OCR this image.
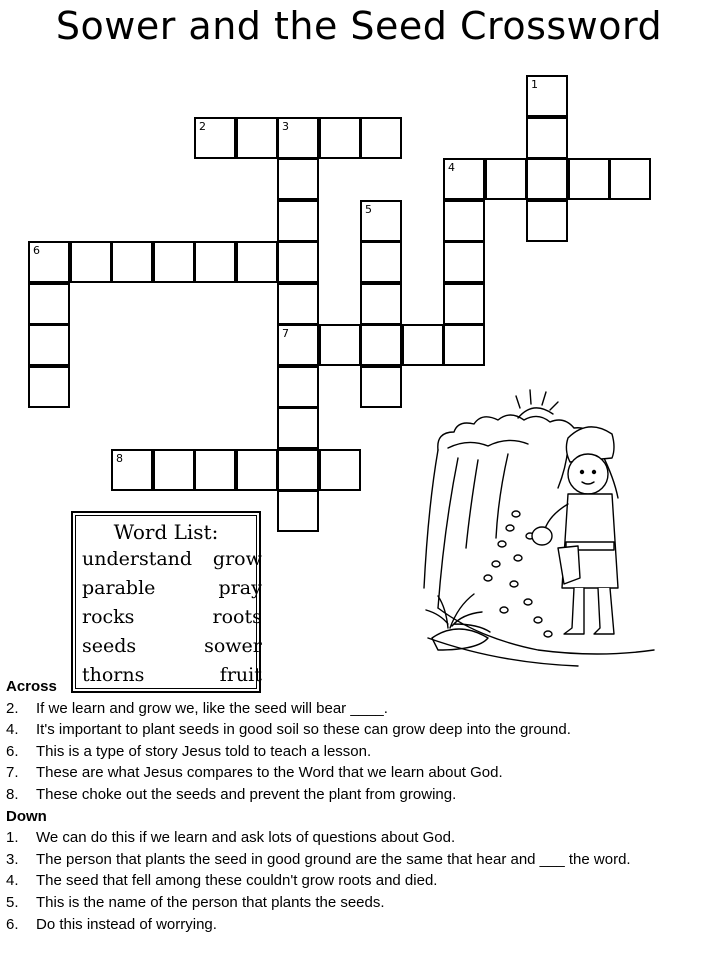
Sower and the Seed Crossword
1
2	3
7
4
5
6
8
Word List:
understand	grow
parable	pray
rocks	roots
seeds	sower
thorns	fruit
Across
2.	If we learn and grow we, like the seed will bear ____.
4.	It's important to plant seeds in good soil so these can grow deep into the ground.
6.	This is a type of story Jesus told to teach a lesson.
7.	These are what Jesus compares to the Word that we learn about God.
8.	These choke out the seeds and prevent the plant from growing.
Down
1.	We can do this if we learn and ask lots of questions about God.
3.	The person that plants the seed in good ground are the same that hear and ___ the word.
4.	The seed that fell among these couldn't grow roots and died.
5.	This is the name of the person that plants the seeds.
6.	Do this instead of worrying.
